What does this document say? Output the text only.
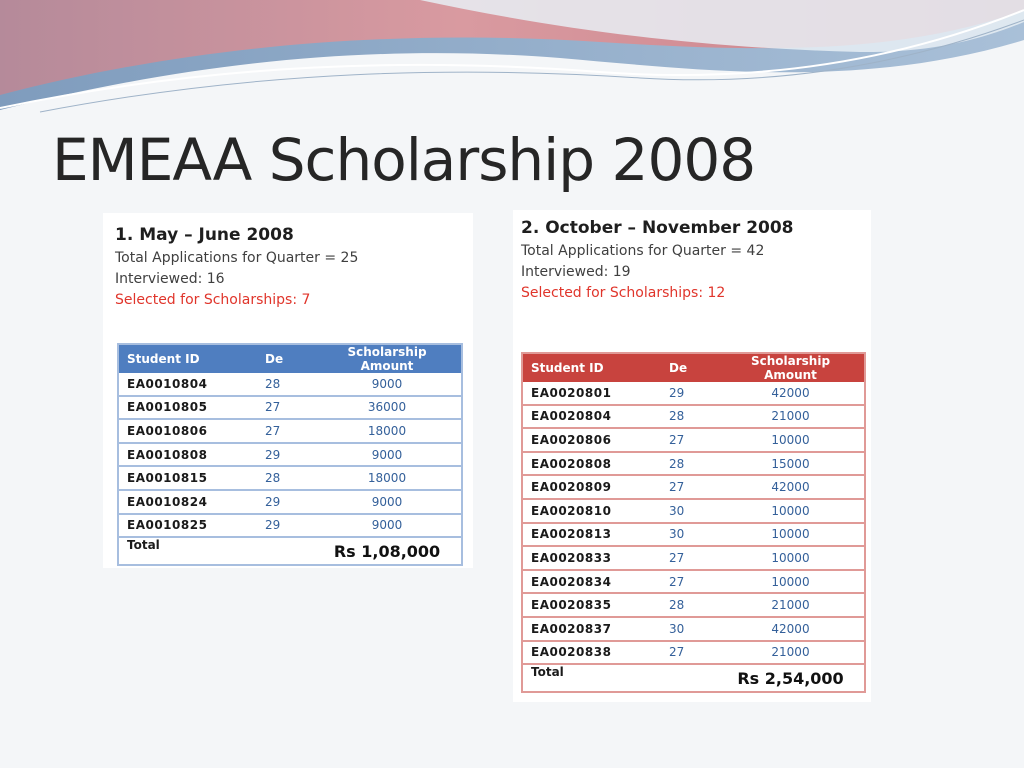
EMEAA Scholarship 2008
1. May – June 2008
Total Applications for Quarter = 25
Interviewed: 16
Selected for Scholarships: 7
Student ID	De	Scholarship Amount
EA0010804	28	9000
EA0010805	27	36000
EA0010806	27	18000
EA0010808	29	9000
EA0010815	28	18000
EA0010824	29	9000
EA0010825	29	9000
Total		Rs 1,08,000
2. October – November 2008
Total Applications for Quarter = 42
Interviewed: 19
Selected for Scholarships: 12
Student ID	De	Scholarship Amount
EA0020801	29	42000
EA0020804	28	21000
EA0020806	27	10000
EA0020808	28	15000
EA0020809	27	42000
EA0020810	30	10000
EA0020813	30	10000
EA0020833	27	10000
EA0020834	27	10000
EA0020835	28	21000
EA0020837	30	42000
EA0020838	27	21000
Total		Rs 2,54,000
